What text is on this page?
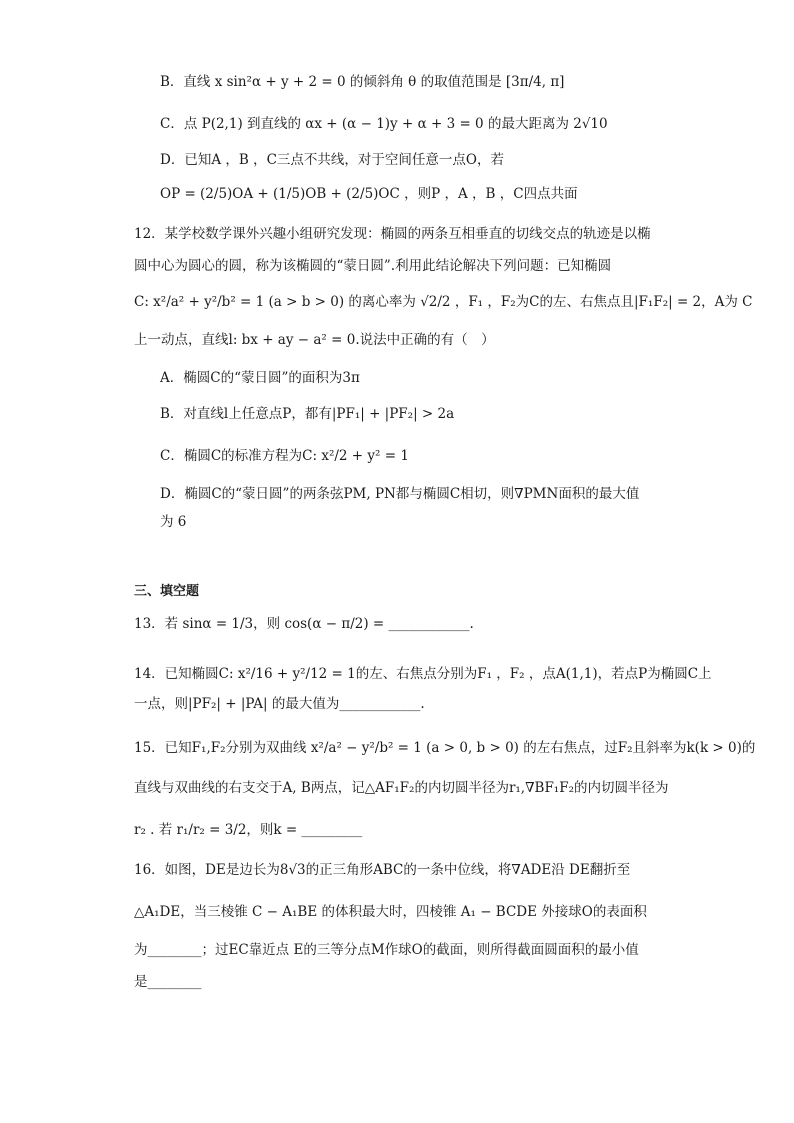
B．直线 x sin²α + y + 2 = 0 的倾斜角 θ 的取值范围是 [3π/4, π]
C．点 P(2,1) 到直线的 αx + (α − 1)y + α + 3 = 0 的最大距离为 2√10
D．已知A ，B ，C三点不共线，对于空间任意一点O，若
OP = (2/5)OA + (1/5)OB + (2/5)OC ，则P ，A ，B ，C四点共面
12．某学校数学课外兴趣小组研究发现：椭圆的两条互相垂直的切线交点的轨迹是以椭
圆中心为圆心的圆，称为该椭圆的“蒙日圆”.利用此结论解决下列问题：已知椭圆
C: x²/a² + y²/b² = 1 (a > b > 0) 的离心率为 √2/2 ，F₁ ，F₂为C的左、右焦点且|F₁F₂| = 2，A为 C
上一动点，直线l: bx + ay − a² = 0.说法中正确的有（　）
A．椭圆C的“蒙日圆”的面积为3π
B．对直线l上任意点P，都有|PF₁| + |PF₂| > 2a
C．椭圆C的标准方程为C: x²/2 + y² = 1
D．椭圆C的“蒙日圆”的两条弦PM, PN都与椭圆C相切，则∇PMN面积的最大值
为 6
三、填空题
13．若 sinα = 1/3，则 cos(α − π/2) = ____________.
14．已知椭圆C: x²/16 + y²/12 = 1的左、右焦点分别为F₁ ，F₂ ，点A(1,1)，若点P为椭圆C上
一点，则|PF₂| + |PA| 的最大值为____________.
15．已知F₁,F₂分别为双曲线 x²/a² − y²/b² = 1 (a > 0, b > 0) 的左右焦点，过F₂且斜率为k(k > 0)的
直线与双曲线的右支交于A, B两点，记△AF₁F₂的内切圆半径为r₁,∇BF₁F₂的内切圆半径为
r₂ . 若 r₁/r₂ = 3/2，则k = _________
16．如图，DE是边长为8√3的正三角形ABC的一条中位线，将∇ADE沿 DE翻折至
△A₁DE，当三棱锥 C − A₁BE 的体积最大时，四棱锥 A₁ − BCDE 外接球O的表面积
为________；过EC靠近点 E的三等分点M作球O的截面，则所得截面圆面积的最小值
是________
